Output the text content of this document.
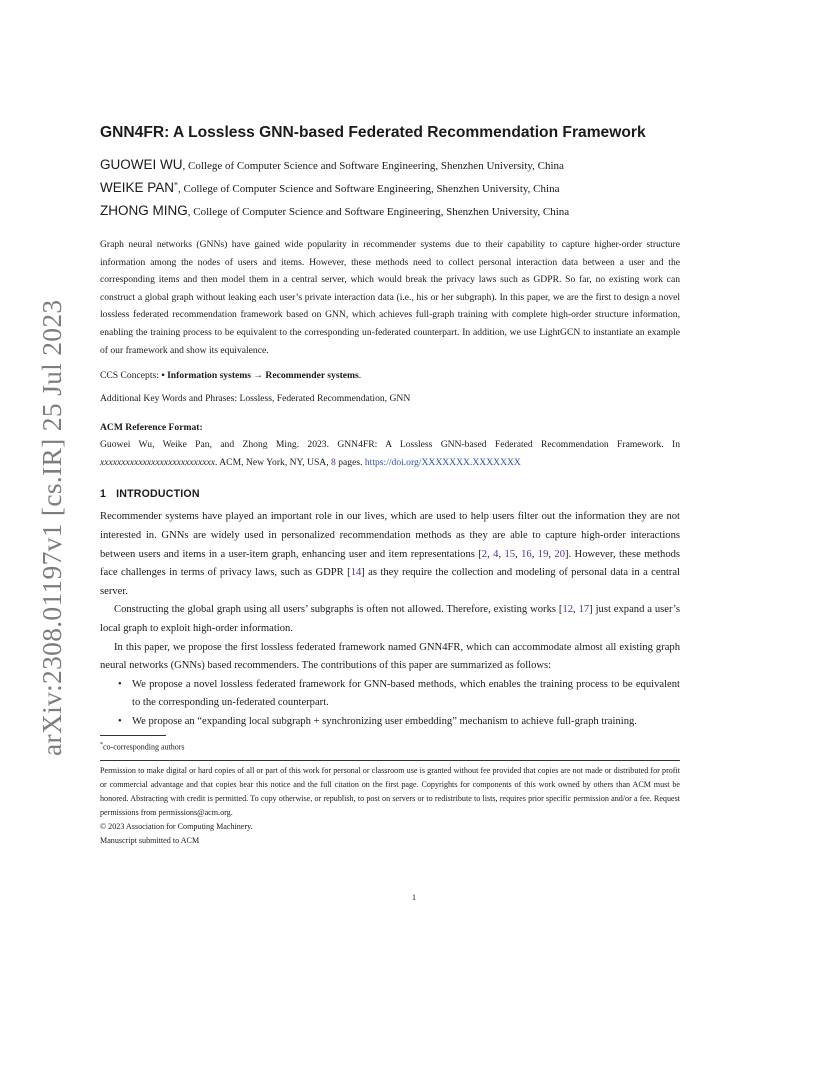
arXiv:2308.01197v1 [cs.IR] 25 Jul 2023
GNN4FR: A Lossless GNN-based Federated Recommendation Framework
GUOWEI WU, College of Computer Science and Software Engineering, Shenzhen University, China
WEIKE PAN*, College of Computer Science and Software Engineering, Shenzhen University, China
ZHONG MING, College of Computer Science and Software Engineering, Shenzhen University, China

Graph neural networks (GNNs) have gained wide popularity in recommender systems due to their capability to capture higher-order structure information among the nodes of users and items. However, these methods need to collect personal interaction data between a user and the corresponding items and then model them in a central server, which would break the privacy laws such as GDPR. So far, no existing work can construct a global graph without leaking each user’s private interaction data (i.e., his or her subgraph). In this paper, we are the first to design a novel lossless federated recommendation framework based on GNN, which achieves full-graph training with complete high-order structure information, enabling the training process to be equivalent to the corresponding un-federated counterpart. In addition, we use LightGCN to instantiate an example of our framework and show its equivalence.

CCS Concepts: • Information systems → Recommender systems.

Additional Key Words and Phrases: Lossless, Federated Recommendation, GNN

ACM Reference Format:

Guowei Wu, Weike Pan, and Zhong Ming. 2023. GNN4FR: A Lossless GNN-based Federated Recommendation Framework. In xxxxxxxxxxxxxxxxxxxxxxxxxxx. ACM, New York, NY, USA, 8 pages. https://doi.org/XXXXXXX.XXXXXXX

1 INTRODUCTION

Recommender systems have played an important role in our lives, which are used to help users filter out the information they are not interested in. GNNs are widely used in personalized recommendation methods as they are able to capture high-order interactions between users and items in a user-item graph, enhancing user and item representations [2, 4, 15, 16, 19, 20]. However, these methods face challenges in terms of privacy laws, such as GDPR [14] as they require the collection and modeling of personal data in a central server.

Constructing the global graph using all users’ subgraphs is often not allowed. Therefore, existing works [12, 17] just expand a user’s local graph to exploit high-order information.

In this paper, we propose the first lossless federated framework named GNN4FR, which can accommodate almost all existing graph neural networks (GNNs) based recommenders. The contributions of this paper are summarized as follows:

• We propose a novel lossless federated framework for GNN-based methods, which enables the training process to be equivalent to the corresponding un-federated counterpart.
• We propose an “expanding local subgraph + synchronizing user embedding” mechanism to achieve full-graph training.
*co-corresponding authors
Permission to make digital or hard copies of all or part of this work for personal or classroom use is granted without fee provided that copies are not made or distributed for profit or commercial advantage and that copies bear this notice and the full citation on the first page. Copyrights for components of this work owned by others than ACM must be honored. Abstracting with credit is permitted. To copy otherwise, or republish, to post on servers or to redistribute to lists, requires prior specific permission and/or a fee. Request permissions from permissions@acm.org.
© 2023 Association for Computing Machinery.
Manuscript submitted to ACM
1
